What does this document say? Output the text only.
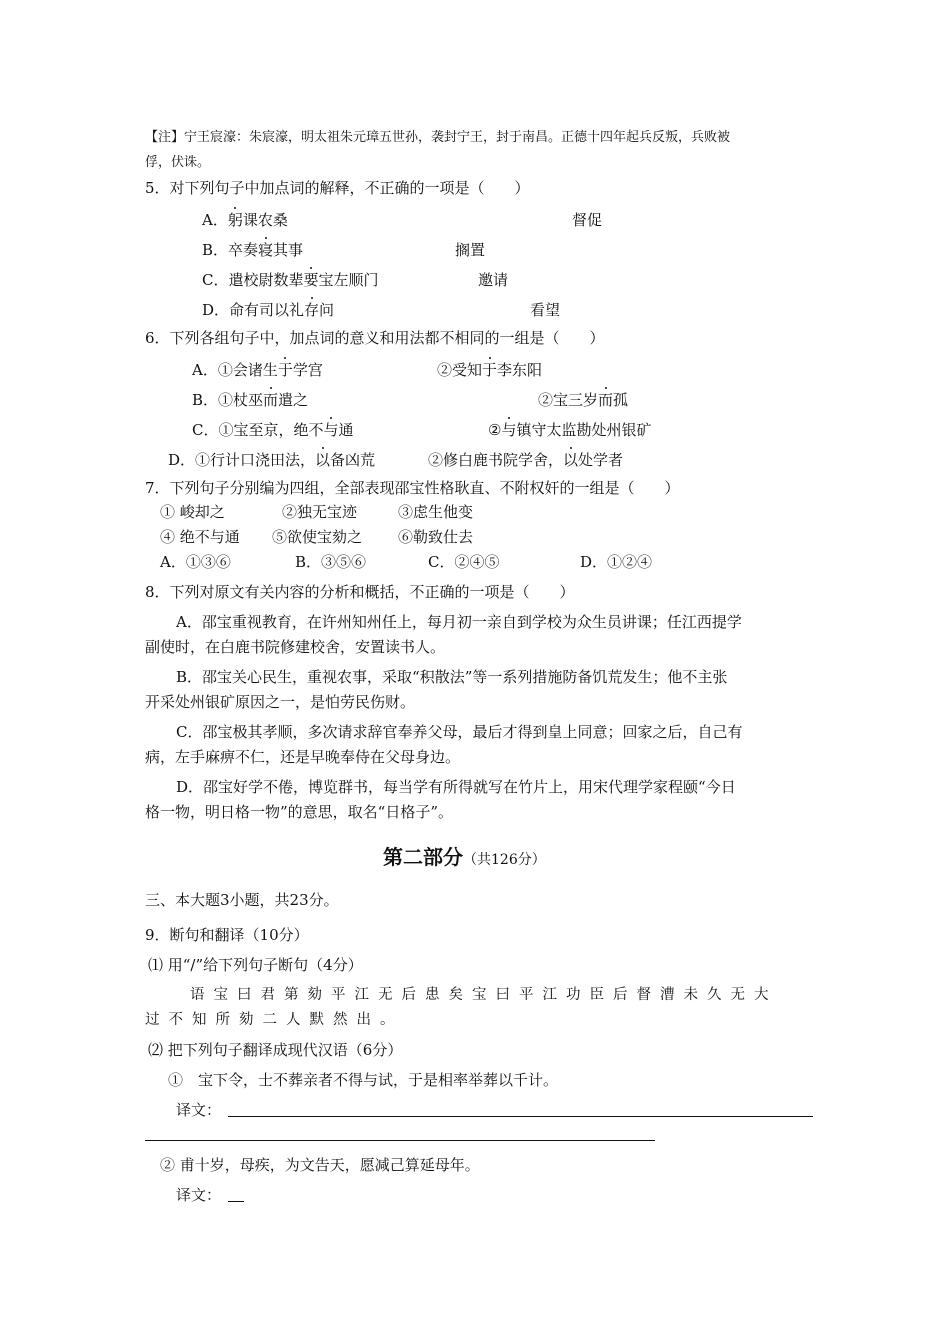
【注】宁王宸濠：朱宸濠，明太祖朱元璋五世孙，袭封宁王，封于南昌。正德十四年起兵反叛，兵败被
俘，伏诛。
5．对下列句子中加点词的解释，不正确的一项是（　　）
A．躬课农桑	督促
B．卒奏寝其事	搁置
C．遣校尉数辈要宝左顺门	邀请
D．命有司以礼存问	看望
6．下列各组句子中，加点词的意义和用法都不相同的一组是（　　）
A．①会诸生于学宫	②受知于李东阳
B．①杖巫而遣之	②宝三岁而孤
C．①宝至京，绝不与通	②与镇守太监勘处州银矿
D．①行计口浇田法，以备凶荒	②修白鹿书院学舍，以处学者
7．下列句子分别编为四组，全部表现邵宝性格耿直、不附权奸的一组是（　　）
① 峻却之	②独无宝迹	③虑生他变
④ 绝不与通 ⑤欲使宝劾之 ⑥勒致仕去
A．①③⑥	B．③⑤⑥	C．②④⑤	D．①②④
8．下列对原文有关内容的分析和概括，不正确的一项是（　　）
A．邵宝重视教育，在许州知州任上，每月初一亲自到学校为众生员讲课；任江西提学
副使时，在白鹿书院修建校舍，安置读书人。
B．邵宝关心民生，重视农事，采取“积散法”等一系列措施防备饥荒发生；他不主张
开采处州银矿原因之一，是怕劳民伤财。
C．邵宝极其孝顺，多次请求辞官奉养父母，最后才得到皇上同意；回家之后，自己有
病，左手麻痹不仁，还是早晚奉侍在父母身边。
D．邵宝好学不倦，博览群书，每当学有所得就写在竹片上，用宋代理学家程颐“今日
格一物，明日格一物”的意思，取名“日格子”。
第二部分（共126分）
三、本大题3小题，共23分。
9．断句和翻译（10分）
⑴ 用“/”给下列句子断句（4分）
语宝曰君第劾平江无后患矣宝曰平江功臣后督漕未久无大
过不知所劾二人默然出。
⑵ 把下列句子翻译成现代汉语（6分）
①　宝下令，士不葬亲者不得与试，于是相率举葬以千计。
译文：
② 甫十岁，母疾，为文告天，愿减己算延母年。
译文：
